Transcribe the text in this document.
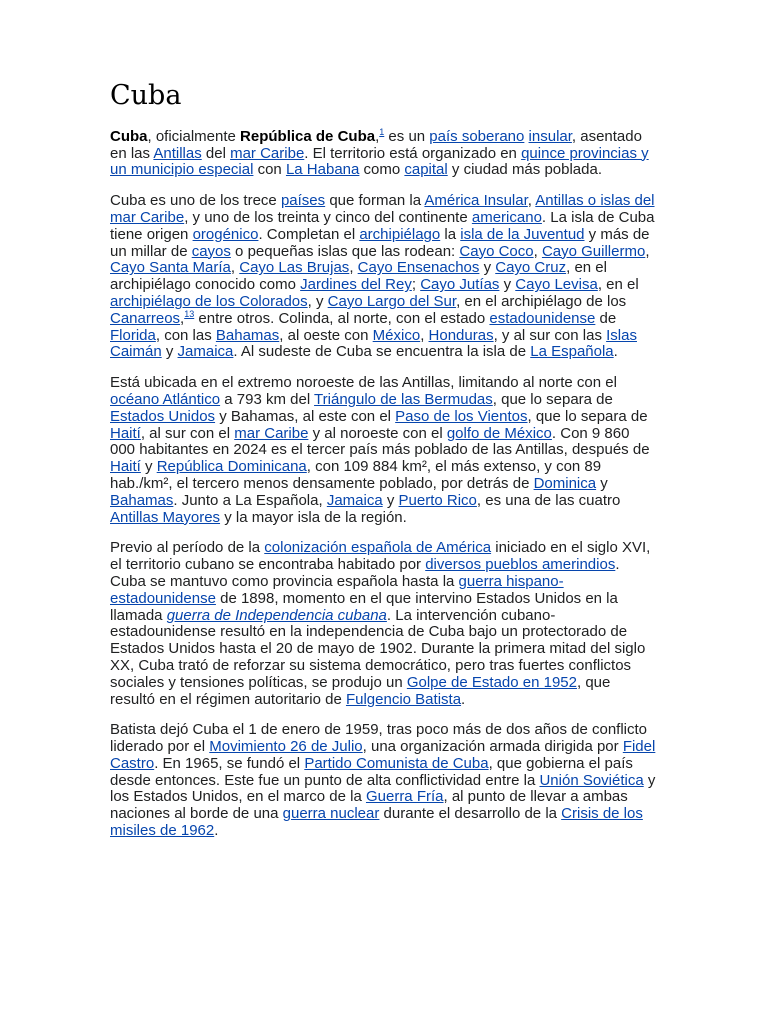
Cuba

Cuba, oficialmente República de Cuba,$^1$ es un país soberano insular, asentado en las Antillas del mar Caribe. El territorio está organizado en quince provincias y un municipio especial con La Habana como capital y ciudad más poblada.

Cuba es uno de los trece países que forman la América Insular, Antillas o islas del mar Caribe, y uno de los treinta y cinco del continente americano. La isla de Cuba tiene origen orogénico. Completan el archipiélago la isla de la Juventud y más de un millar de cayos o pequeñas islas que las rodean: Cayo Coco, Cayo Guillermo, Cayo Santa María, Cayo Las Brujas, Cayo Ensenachos y Cayo Cruz, en el archipiélago conocido como Jardines del Rey; Cayo Jutías y Cayo Levisa, en el archipiélago de los Colorados, y Cayo Largo del Sur, en el archipiélago de los Canarreos,$^{13}$ entre otros. Colinda, al norte, con el estado estadounidense de Florida, con las Bahamas, al oeste con México, Honduras, y al sur con las Islas Caimán y Jamaica. Al sudeste de Cuba se encuentra la isla de La Española.

Está ubicada en el extremo noroeste de las Antillas, limitando al norte con el océano Atlántico a 793 km del Triángulo de las Bermudas, que lo separa de Estados Unidos y Bahamas, al este con el Paso de los Vientos, que lo separa de Haití, al sur con el mar Caribe y al noroeste con el golfo de México. Con 9 860 000 habitantes en 2024 es el tercer país más poblado de las Antillas, después de Haití y República Dominicana, con 109 884 km², el más extenso, y con 89 hab./km², el tercero menos densamente poblado, por detrás de Dominica y Bahamas. Junto a La Española, Jamaica y Puerto Rico, es una de las cuatro Antillas Mayores y la mayor isla de la región.

Previo al período de la colonización española de América iniciado en el siglo XVI, el territorio cubano se encontraba habitado por diversos pueblos amerindios. Cuba se mantuvo como provincia española hasta la guerra hispano-estadounidense de 1898, momento en el que intervino Estados Unidos en la llamada guerra de Independencia cubana. La intervención cubano-estadounidense resultó en la independencia de Cuba bajo un protectorado de Estados Unidos hasta el 20 de mayo de 1902. Durante la primera mitad del siglo XX, Cuba trató de reforzar su sistema democrático, pero tras fuertes conflictos sociales y tensiones políticas, se produjo un Golpe de Estado en 1952, que resultó en el régimen autoritario de Fulgencio Batista.

Batista dejó Cuba el 1 de enero de 1959, tras poco más de dos años de conflicto liderado por el Movimiento 26 de Julio, una organización armada dirigida por Fidel Castro. En 1965, se fundó el Partido Comunista de Cuba, que gobierna el país desde entonces. Este fue un punto de alta conflictividad entre la Unión Soviética y los Estados Unidos, en el marco de la Guerra Fría, al punto de llevar a ambas naciones al borde de una guerra nuclear durante el desarrollo de la Crisis de los misiles de 1962.
